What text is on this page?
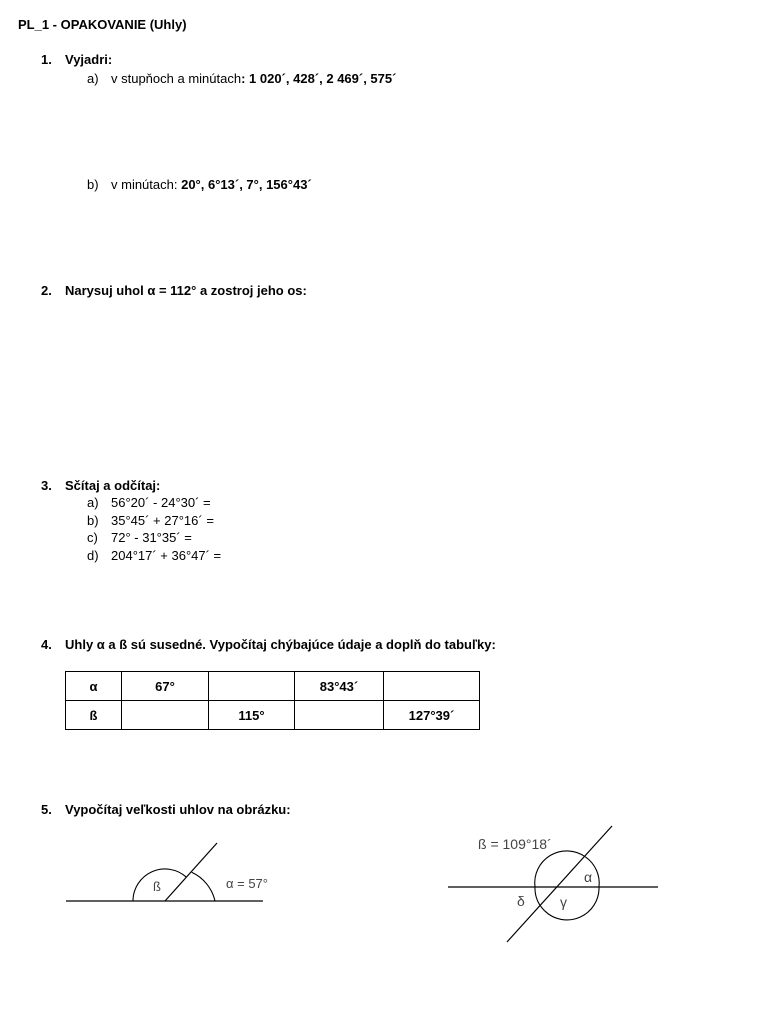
PL_1 - OPAKOVANIE (Uhly)
1. Vyjadri:
a) v stupňoch a minútach: 1 020´, 428´, 2 469´, 575´
b) v minútach: 20°, 6°13´, 7°, 156°43´
2. Narysuj uhol α = 112° a zostroj jeho os:
3. Sčítaj a odčítaj:
a) 56°20´ - 24°30´ =
b) 35°45´ + 27°16´ =
c) 72° - 31°35´ =
d) 204°17´ + 36°47´ =
4. Uhly α a ß sú susedné. Vypočítaj chýbajúce údaje a doplň do tabuľky:
α	67°		83°43´	
ß		115°		127°39´
5. Vypočítaj veľkosti uhlov na obrázku:
ß	α = 57°
ß = 109°18´
α
δ	γ
